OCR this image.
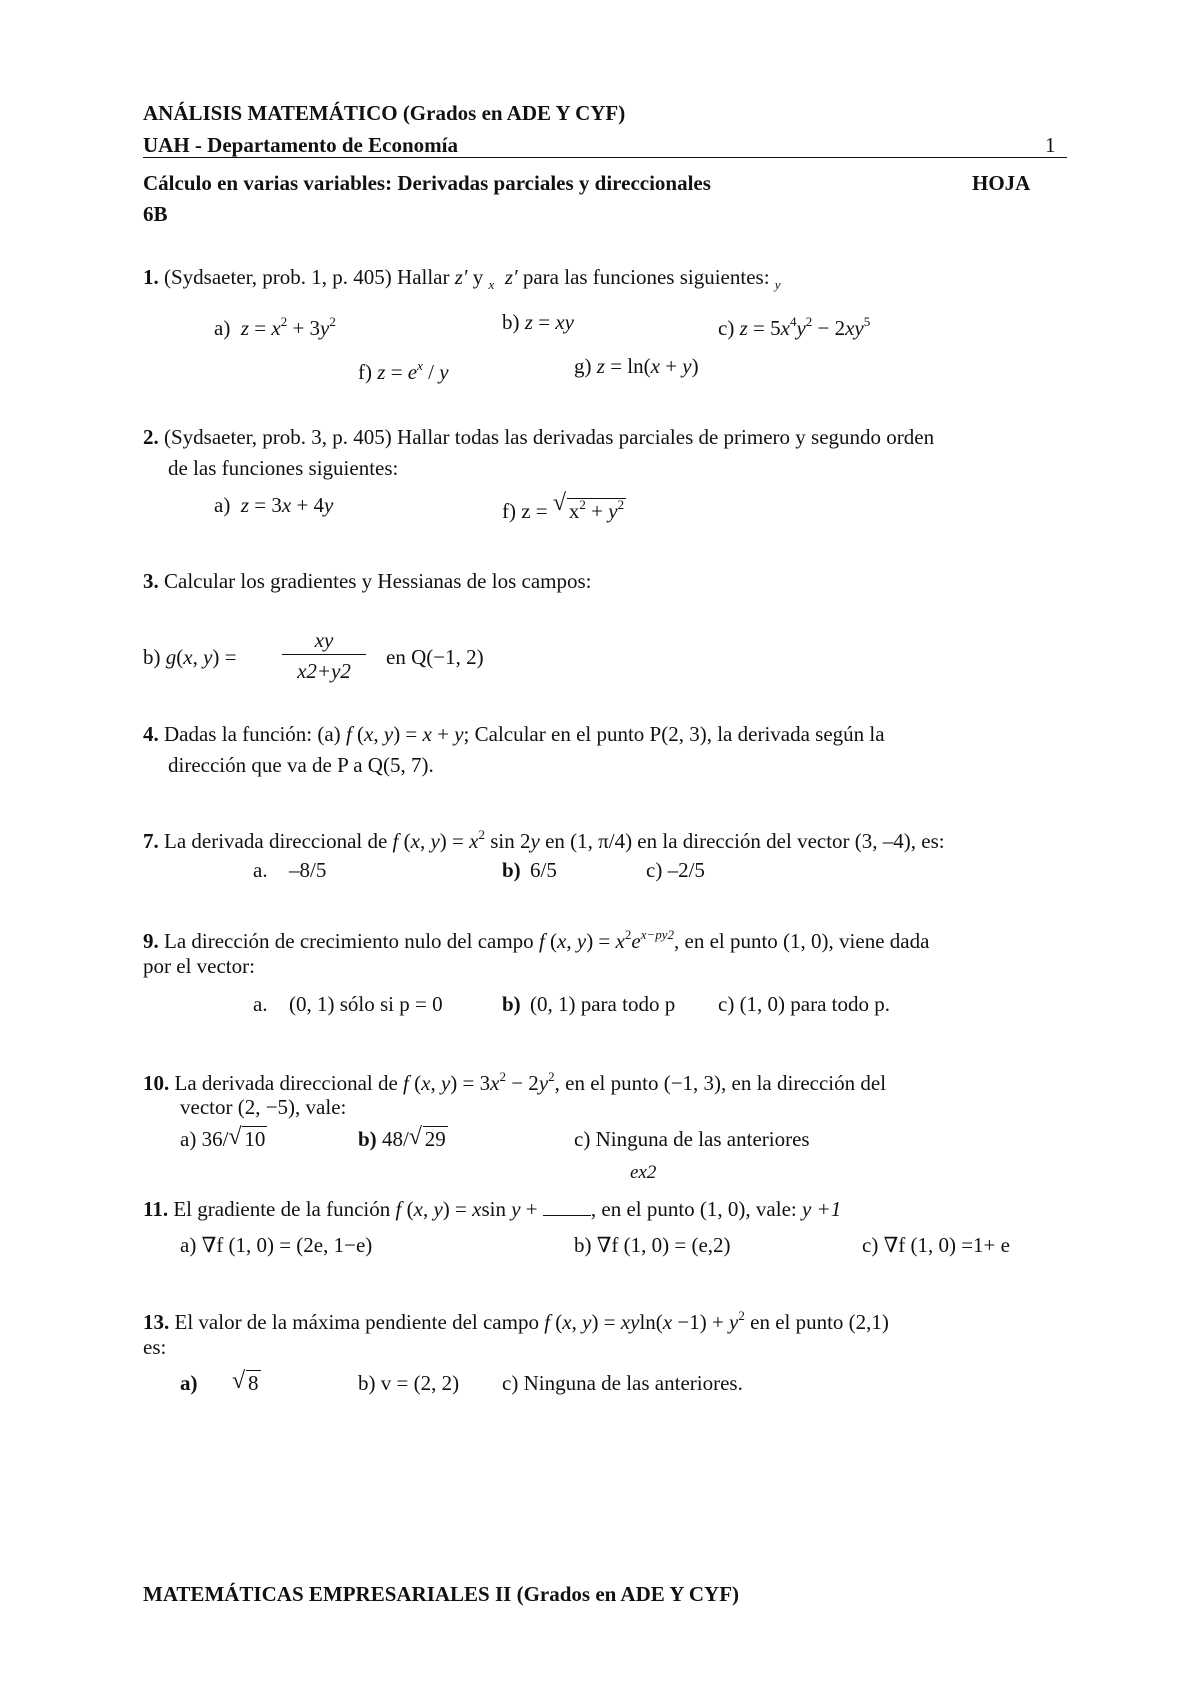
ANÁLISIS MATEMÁTICO (Grados en ADE Y CYF)
UAH - Departamento de Economía	1
Cálculo en varias variables: Derivadas parciales y direccionales	HOJA
6B
1. (Sydsaeter, prob. 1, p. 405) Hallar z′ y $_x$ z′ para las funciones siguientes: $_y$
a) $z = x^2 + 3y^2$	b) z = xy	c) $z = 5x^4y^2 - 2xy^5$
f) $z = e^x / y$	g) z = ln(x + y)
2. (Sydsaeter, prob. 3, p. 405) Hallar todas las derivadas parciales de primero y segundo orden
de las funciones siguientes:
a)  z = 3x + 4y	f) z = √ $x^2 + y^2$
3. Calcular los gradientes y Hessianas de los campos:
b) g(x, y) =
xy
x2+y2
en Q(−1, 2)
4. Dadas la función: (a) f (x, y) = x + y; Calcular en el punto P(2, 3), la derivada según la
dirección que va de P a Q(5, 7).
7. La derivada direccional de f (x, $y) = x^2$ sin 2y en (1, π/4) en la dirección del vector (3, –4), es:
a. –8/5	b) 6/5	c) –2/5
9. La dirección de crecimiento nulo del campo f (x, $y) = x^2e^{x-py2}$, en el punto (1, 0), viene dada
por el vector:
a. (0, 1) sólo si p = 0	b) (0, 1) para todo p c) (1, 0) para todo p.
10. La derivada direccional de f (x, $y) = 3x^2 - 2y^2$, en el punto (−1, 3), en la dirección del
vector (2, −5), vale:
a) 36/ √ 10	b) 48/ √ 29	c) Ninguna de las anteriores
ex2
11. El gradiente de la función f (x, y) = xsin y + , en el punto (1, 0), vale: y +1
a) ∇f (1, 0) = (2e, 1−e)	b) ∇f (1, 0) = (e,2)	c) ∇f (1, 0) =1+ e
13. El valor de la máxima pendiente del campo f (x, $y) = xyln(x -1) + y^2$ en el punto (2,1)
es:
a)	√ 8	b) v = (2, 2) c) Ninguna de las anteriores.
MATEMÁTICAS EMPRESARIALES II (Grados en ADE Y CYF)
